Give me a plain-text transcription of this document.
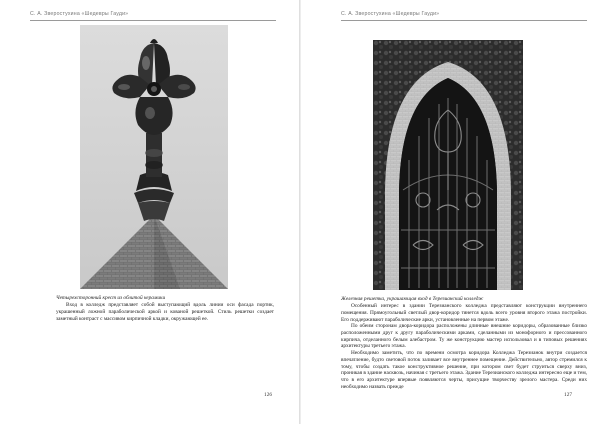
С. А. Зверостухина «Шедевры Гауди»
Четырехсторонний крест из облитой керамики
Вход в колледж представляет собой выступающий вдоль линии оси фасада портик, украшенный ложной параболической аркой и кованой решеткой. Стиль решетки создает заметный контраст с массивом кирпичной кладки, окружающей ее.
126
С. А. Зверостухина «Шедевры Гауди»
Железная решетка, украшающая вход в Терезианский колледж
Особенный интерес в здании Терезианского колледжа представляют конструкции внутреннего помещения. Прямоугольный светлый двор-коридор тянется вдоль всего уровня второго этажа постройки. Его поддерживают параболические арки, установленные на первом этаже.
По обеим сторонам двора-коридора расположены длинные внешние коридоры, образованные близко расположенными друг к другу параболическими арками, сделанными из монофорного и прессованного кирпича, отделанного белым алебастром. Ту же конструкцию мастер использовал и в типовых решениях архитектуры третьего этажа.
Необходимо заметить, что по времени осмотра коридора Колледжа Терезианок внутри создается впечатление, будто световой поток заливает все внутреннее помещение. Действительно, автор стремился к тому, чтобы создать такое конструктивное решение, при котором свет будет струиться сверху вниз, проникая в здание насквозь, начиная с третьего этажа. Здание Терезианского колледжа интересно еще и тем, что в его архитектуре впервые появляются черты, присущие творчеству зрелого мастера. Среди них необходимо назвать прежде
127
